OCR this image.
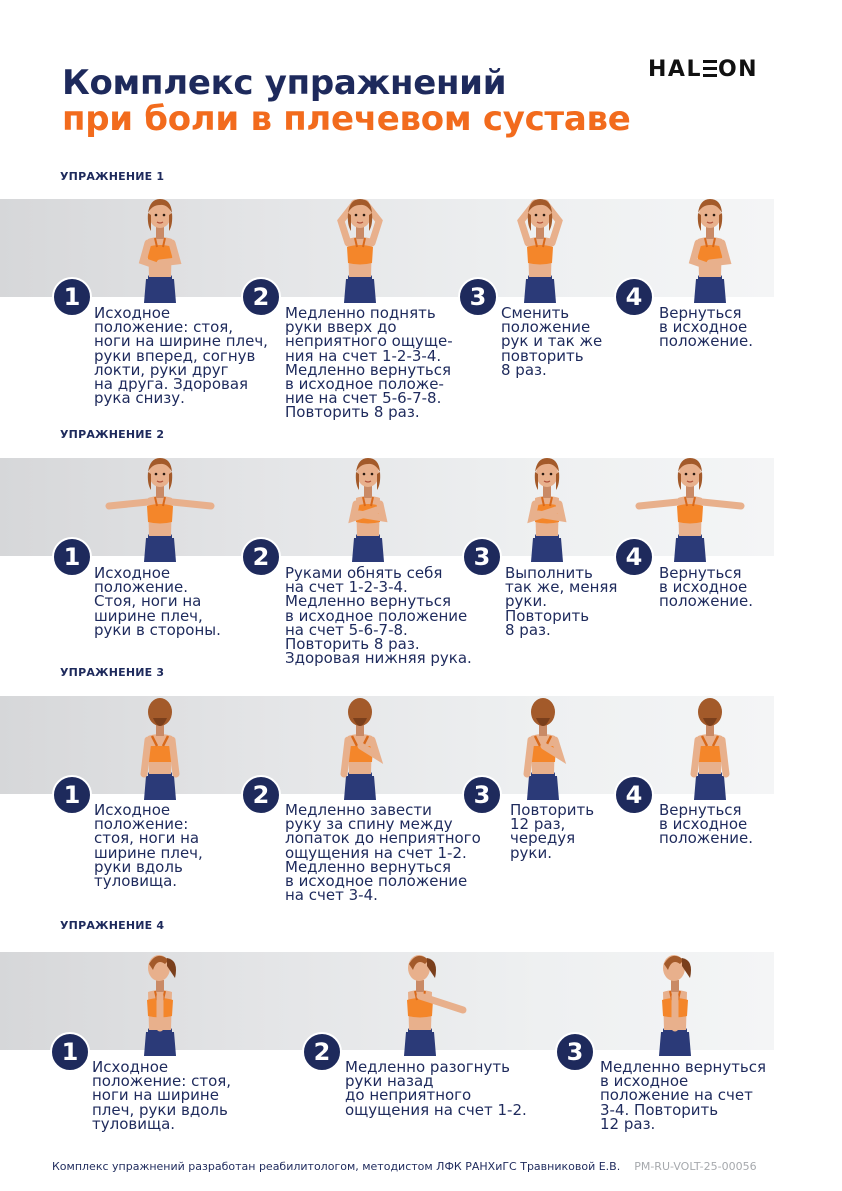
Комплекс упражнений
при боли в плечевом суставе
HAL ON
УПРАЖНЕНИЕ 1
1
Исходное
положение: стоя,
ноги на ширине плеч,
руки вперед, согнув
локти, руки друг
на друга. Здоровая
рука снизу.
2
Медленно поднять
руки вверх до
неприятного ощуще-
ния на счет 1-2-3-4.
Медленно вернуться
в исходное положе-
ние на счет 5-6-7-8.
Повторить 8 раз.
3
Сменить
положение
рук и так же
повторить
8 раз.
4
Вернуться
в исходное
положение.
УПРАЖНЕНИЕ 2
1
Исходное
положение.
Стоя, ноги на
ширине плеч,
руки в стороны.
2
Руками обнять себя
на счет 1-2-3-4.
Медленно вернуться
в исходное положение
на счет 5-6-7-8.
Повторить 8 раз.
Здоровая нижняя рука.
3
Выполнить
так же, меняя
руки.
Повторить
8 раз.
4
Вернуться
в исходное
положение.
УПРАЖНЕНИЕ 3
1
Исходное
положение:
стоя, ноги на
ширине плеч,
руки вдоль
туловища.
2
Медленно завести
руку за спину между
лопаток до неприятного
ощущения на счет 1-2.
Медленно вернуться
в исходное положение
на счет 3-4.
3
Повторить
12 раз,
чередуя
руки.
4
Вернуться
в исходное
положение.
УПРАЖНЕНИЕ 4
1
Исходное
положение: стоя,
ноги на ширине
плеч, руки вдоль
туловища.
2
Медленно разогнуть
руки назад
до неприятного
ощущения на счет 1-2.
3
Медленно вернуться
в исходное
положение на счет
3-4. Повторить
12 раз.
Комплекс упражнений разработан реабилитологом, методистом ЛФК РАНХиГС Травниковой Е.В. PM-RU-VOLT-25-00056
